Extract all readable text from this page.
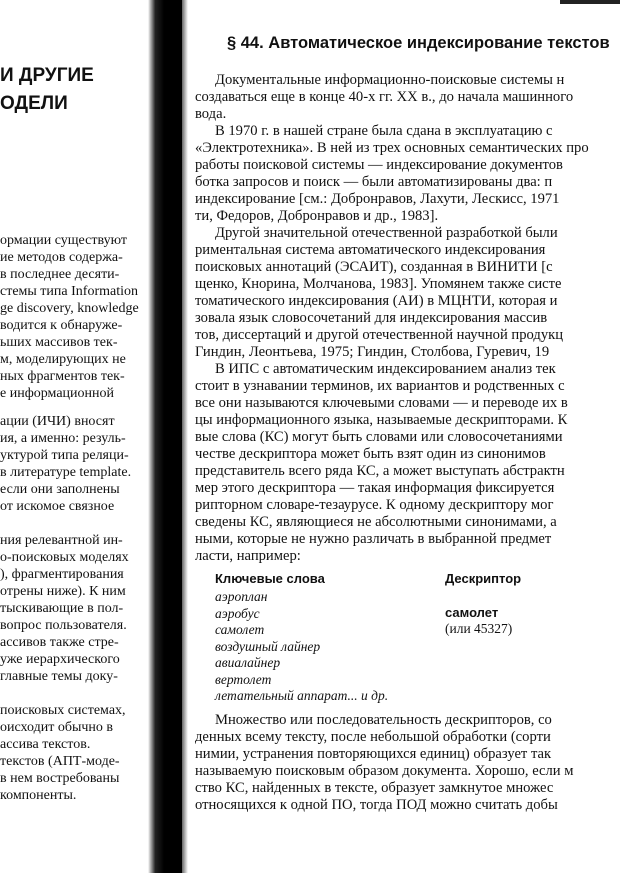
И ДРУГИЕ
ОДЕЛИ
ормации существуют
ие методов содержа-
в последнее десяти-
стемы типа Information
ge discovery, knowledge
водится к обнаруже-
ьших массивов тек-
м, моделирующих не
ных фрагментов тек-
е информационной
ации (ИЧИ) вносят
ия, а именно: резуль-
уктурой типа реляци-
в литературе template.
если они заполнены
от искомое связное
ния релевантной ин-
о-поисковых моделях
), фрагментирования
отрены ниже). К ним
тыскивающие в пол-
вопрос пользователя.
ассивов также стре-
уже иерархического
главные темы доку-
поисковых системах,
оисходит обычно в
ассива текстов.
текстов (АПТ-моде-
в нем востребованы
компоненты.
§ 44. Автоматическое индексирование текстов
Документальные информационно-поисковые системы н
создаваться еще в конце 40-х гг. XX в., до начала машинного
вода.
В 1970 г. в нашей стране была сдана в эксплуатацию с
«Электротехника». В ней из трех основных семантических про
работы поисковой системы — индексирование документов
ботка запросов и поиск — были автоматизированы два: п
индексирование [см.: Добронравов, Лахути, Лескисс, 1971
ти, Федоров, Добронравов и др., 1983].
Другой значительной отечественной разработкой были
риментальная система автоматического индексирования
поисковых аннотаций (ЭСАИТ), созданная в ВИНИТИ [с
щенко, Кнорина, Молчанова, 1983]. Упомянем также систе
томатического индексирования (АИ) в МЦНТИ, которая и
зовала язык словосочетаний для индексирования массив
тов, диссертаций и другой отечественной научной продукц
Гиндин, Леонтьева, 1975; Гиндин, Столбова, Гуревич, 19
В ИПС с автоматическим индексированием анализ тек
стоит в узнавании терминов, их вариантов и родственных с
все они называются ключевыми словами — и переводе их в
цы информационного языка, называемые дескрипторами. К
вые слова (КС) могут быть словами или словосочетаниями
честве дескриптора может быть взят один из синонимов
представитель всего ряда КС, а может выступать абстрактн
мер этого дескриптора — такая информация фиксируется
рипторном словаре-тезаурусе. К одному дескриптору мог
сведены КС, являющиеся не абсолютными синонимами, а
ными, которые не нужно различать в выбранной предмет
ласти, например:
Множество или последовательность дескрипторов, со
денных всему тексту, после небольшой обработки (сорти
нимии, устранения повторяющихся единиц) образует так
называемую поисковым образом документа. Хорошо, если м
ство КС, найденных в тексте, образует замкнутое множес
относящихся к одной ПО, тогда ПОД можно считать добы
Ключевые слова	Дескриптор
аэроплан
аэробус
самолет
воздушный лайнер
авиалайнер
вертолет
летательный аппарат... и др.
самолет
(или 45327)
